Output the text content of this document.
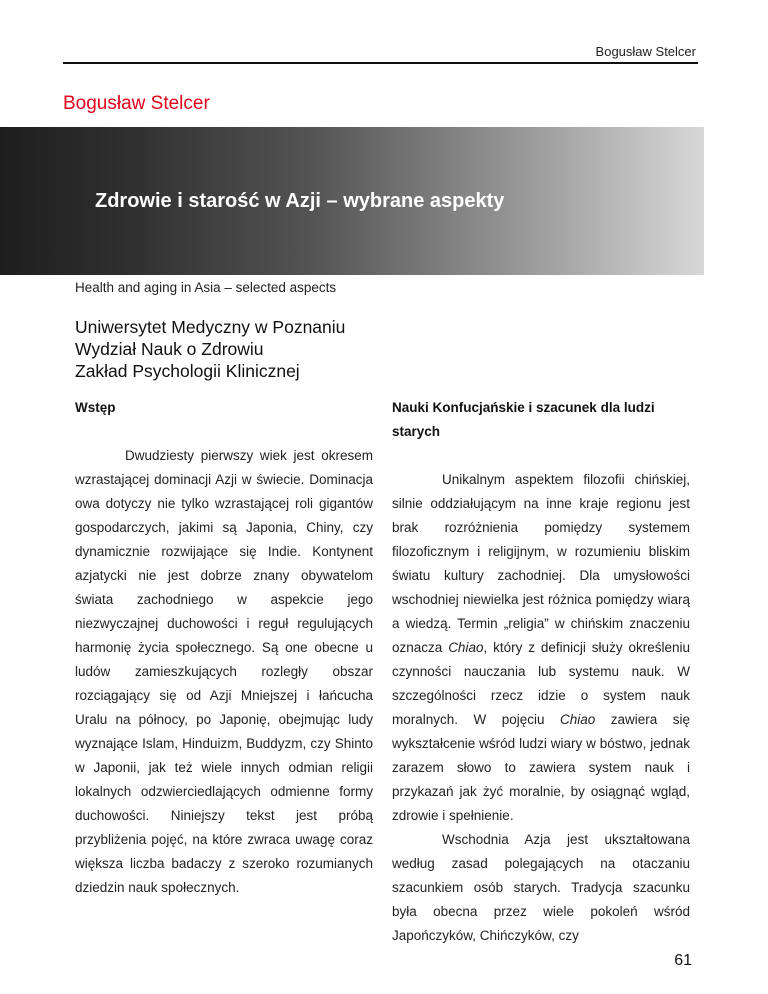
Bogusław Stelcer
Bogusław Stelcer
Zdrowie i starość w Azji – wybrane aspekty
Health and aging in Asia – selected aspects
Uniwersytet Medyczny w Poznaniu
Wydział Nauk o Zdrowiu
Zakład Psychologii Klinicznej
Wstęp

Dwudziesty pierwszy wiek jest okresem wzrastającej dominacji Azji w świecie. Dominacja owa dotyczy nie tylko wzrastającej roli gigantów gospodarczych, jakimi są Japonia, Chiny, czy dynamicznie rozwijające się Indie. Kontynent azjatycki nie jest dobrze znany obywatelom świata zachodniego w aspekcie jego niezwyczajnej duchowości i reguł regulujących harmonię życia społecznego. Są one obecne u ludów zamieszkujących rozległy obszar rozciągający się od Azji Mniejszej i łańcucha Uralu na północy, po Japonię, obejmując ludy wyznające Islam, Hinduizm, Buddyzm, czy Shinto w Japonii, jak też wiele innych odmian religii lokalnych odzwierciedlających odmienne formy duchowości. Niniejszy tekst jest próbą przybliżenia pojęć, na które zwraca uwagę coraz większa liczba badaczy z szeroko rozumianych dziedzin nauk społecznych.

Nauki Konfucjańskie i szacunek dla ludzi starych

Unikalnym aspektem filozofii chińskiej, silnie oddziałującym na inne kraje regionu jest brak rozróżnienia pomiędzy systemem filozoficznym i religijnym, w rozumieniu bliskim światu kultury zachodniej. Dla umysłowości wschodniej niewielka jest różnica pomiędzy wiarą a wiedzą. Termin „religia” w chińskim znaczeniu oznacza Chiao, który z definicji służy określeniu czynności nauczania lub systemu nauk. W szczególności rzecz idzie o system nauk moralnych. W pojęciu Chiao zawiera się wykształcenie wśród ludzi wiary w bóstwo, jednak zarazem słowo to zawiera system nauk i przykazań jak żyć moralnie, by osiągnąć wgląd, zdrowie i spełnienie.

Wschodnia Azja jest ukształtowana według zasad polegających na otaczaniu szacunkiem osób starych. Tradycja szacunku była obecna przez wiele pokoleń wśród Japończyków, Chińczyków, czy

61
